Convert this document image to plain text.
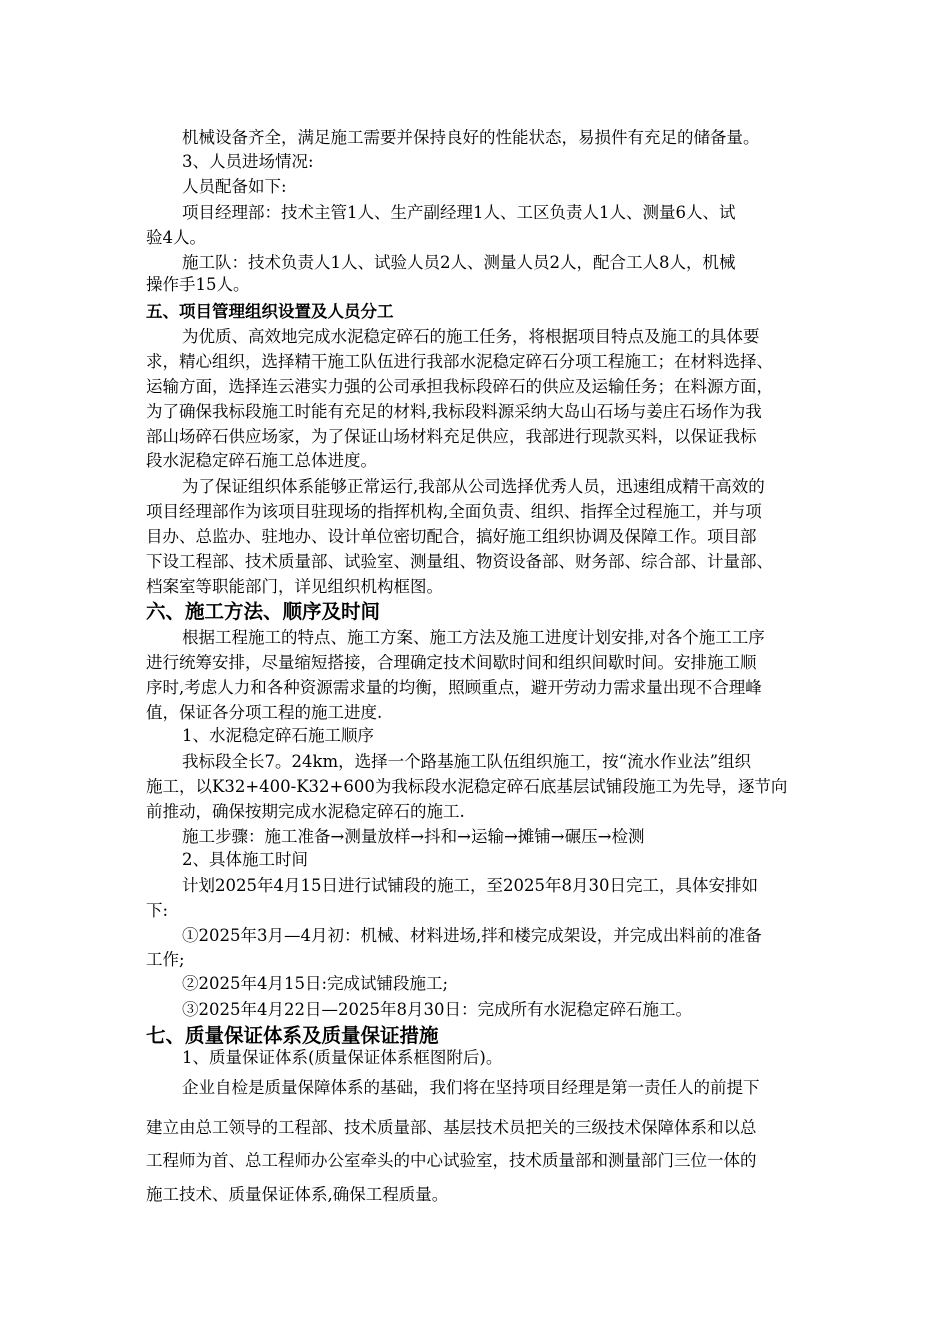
机械设备齐全，满足施工需要并保持良好的性能状态，易损件有充足的储备量。
3、人员进场情况:
人员配备如下:
项目经理部：技术主管1人、生产副经理1人、工区负责人1人、测量6人、试
验4人。
施工队：技术负责人1人、试验人员2人、测量人员2人，配合工人8人，机械
操作手15人。
五、项目管理组织设置及人员分工
为优质、高效地完成水泥稳定碎石的施工任务，将根据项目特点及施工的具体要
求，精心组织，选择精干施工队伍进行我部水泥稳定碎石分项工程施工；在材料选择、
运输方面，选择连云港实力强的公司承担我标段碎石的供应及运输任务；在料源方面，
为了确保我标段施工时能有充足的材料,我标段料源采纳大岛山石场与姜庄石场作为我
部山场碎石供应场家，为了保证山场材料充足供应，我部进行现款买料，以保证我标
段水泥稳定碎石施工总体进度。
为了保证组织体系能够正常运行,我部从公司选择优秀人员，迅速组成精干高效的
项目经理部作为该项目驻现场的指挥机构,全面负责、组织、指挥全过程施工，并与项
目办、总监办、驻地办、设计单位密切配合，搞好施工组织协调及保障工作。项目部
下设工程部、技术质量部、试验室、测量组、物资设备部、财务部、综合部、计量部、
档案室等职能部门，详见组织机构框图。
六、施工方法、顺序及时间
根据工程施工的特点、施工方案、施工方法及施工进度计划安排,对各个施工工序
进行统筹安排，尽量缩短搭接，合理确定技术间歇时间和组织间歇时间。安排施工顺
序时,考虑人力和各种资源需求量的均衡，照顾重点，避开劳动力需求量出现不合理峰
值，保证各分项工程的施工进度.
1、水泥稳定碎石施工顺序
我标段全长7。24km，选择一个路基施工队伍组织施工，按“流水作业法”组织
施工，以K32+400-K32+600为我标段水泥稳定碎石底基层试铺段施工为先导，逐节向
前推动，确保按期完成水泥稳定碎石的施工.
施工步骤：施工准备→测量放样→抖和→运输→摊铺→碾压→检测
2、具体施工时间
计划2025年4月15日进行试铺段的施工，至2025年8月30日完工，具体安排如
下:
①2025年3月—4月初：机械、材料进场,拌和楼完成架设，并完成出料前的准备
工作;
②2025年4月15日:完成试铺段施工;
③2025年4月22日—2025年8月30日：完成所有水泥稳定碎石施工。
七、质量保证体系及质量保证措施
1、质量保证体系(质量保证体系框图附后)。
企业自检是质量保障体系的基础，我们将在坚持项目经理是第一责任人的前提下
建立由总工领导的工程部、技术质量部、基层技术员把关的三级技术保障体系和以总
工程师为首、总工程师办公室牵头的中心试验室，技术质量部和测量部门三位一体的
施工技术、质量保证体系,确保工程质量。
